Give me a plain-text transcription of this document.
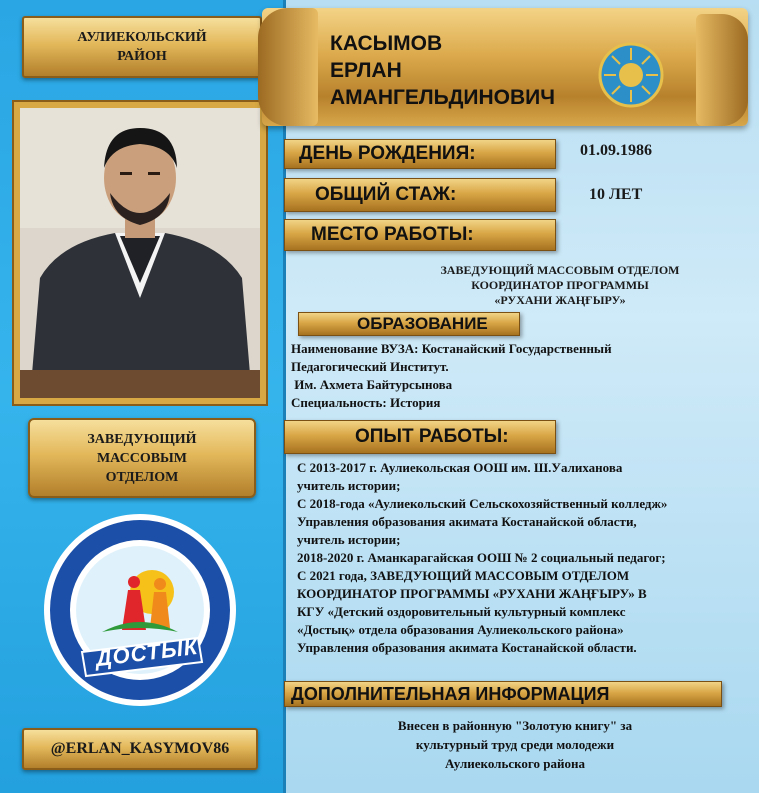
АУЛИЕКОЛЬСКИЙ
РАЙОН
ЗАВЕДУЮЩИЙ
МАССОВЫМ
ОТДЕЛОМ
ДОСТЫК
@ERLAN_KASYMOV86
КАСЫМОВ
ЕРЛАН
АМАНГЕЛЬДИНОВИЧ
ДЕНЬ РОЖДЕНИЯ:	01.09.1986
ОБЩИЙ СТАЖ:	10 ЛЕТ
МЕСТО РАБОТЫ:
ЗАВЕДУЮЩИЙ МАССОВЫМ ОТДЕЛОМ
КООРДИНАТОР ПРОГРАММЫ
«РУХАНИ ЖАҢҒЫРУ»
ОБРАЗОВАНИЕ
Наименование ВУЗА: Костанайский Государственный
Педагогический Институт.
Им. Ахмета Байтурсынова
Специальность: История
ОПЫТ РАБОТЫ:
С 2013-2017 г. Аулиекольская ООШ им. Ш.Уалиханова
учитель истории;
С 2018-года «Аулиекольский Сельскохозяйственный колледж»
Управления образования акимата Костанайской области,
учитель истории;
2018-2020 г. Аманкарагайская ООШ № 2 социальный педагог;
С 2021 года, ЗАВЕДУЮЩИЙ МАССОВЫМ ОТДЕЛОМ
КООРДИНАТОР ПРОГРАММЫ «РУХАНИ ЖАҢҒЫРУ» В
КГУ «Детский оздоровительный культурный комплекс
«Достық» отдела образования Аулиекольского района»
Управления образования акимата Костанайской области.
ДОПОЛНИТЕЛЬНАЯ ИНФОРМАЦИЯ
Внесен в районную "Золотую книгу" за
культурный труд среди молодежи
Аулиекольского района
